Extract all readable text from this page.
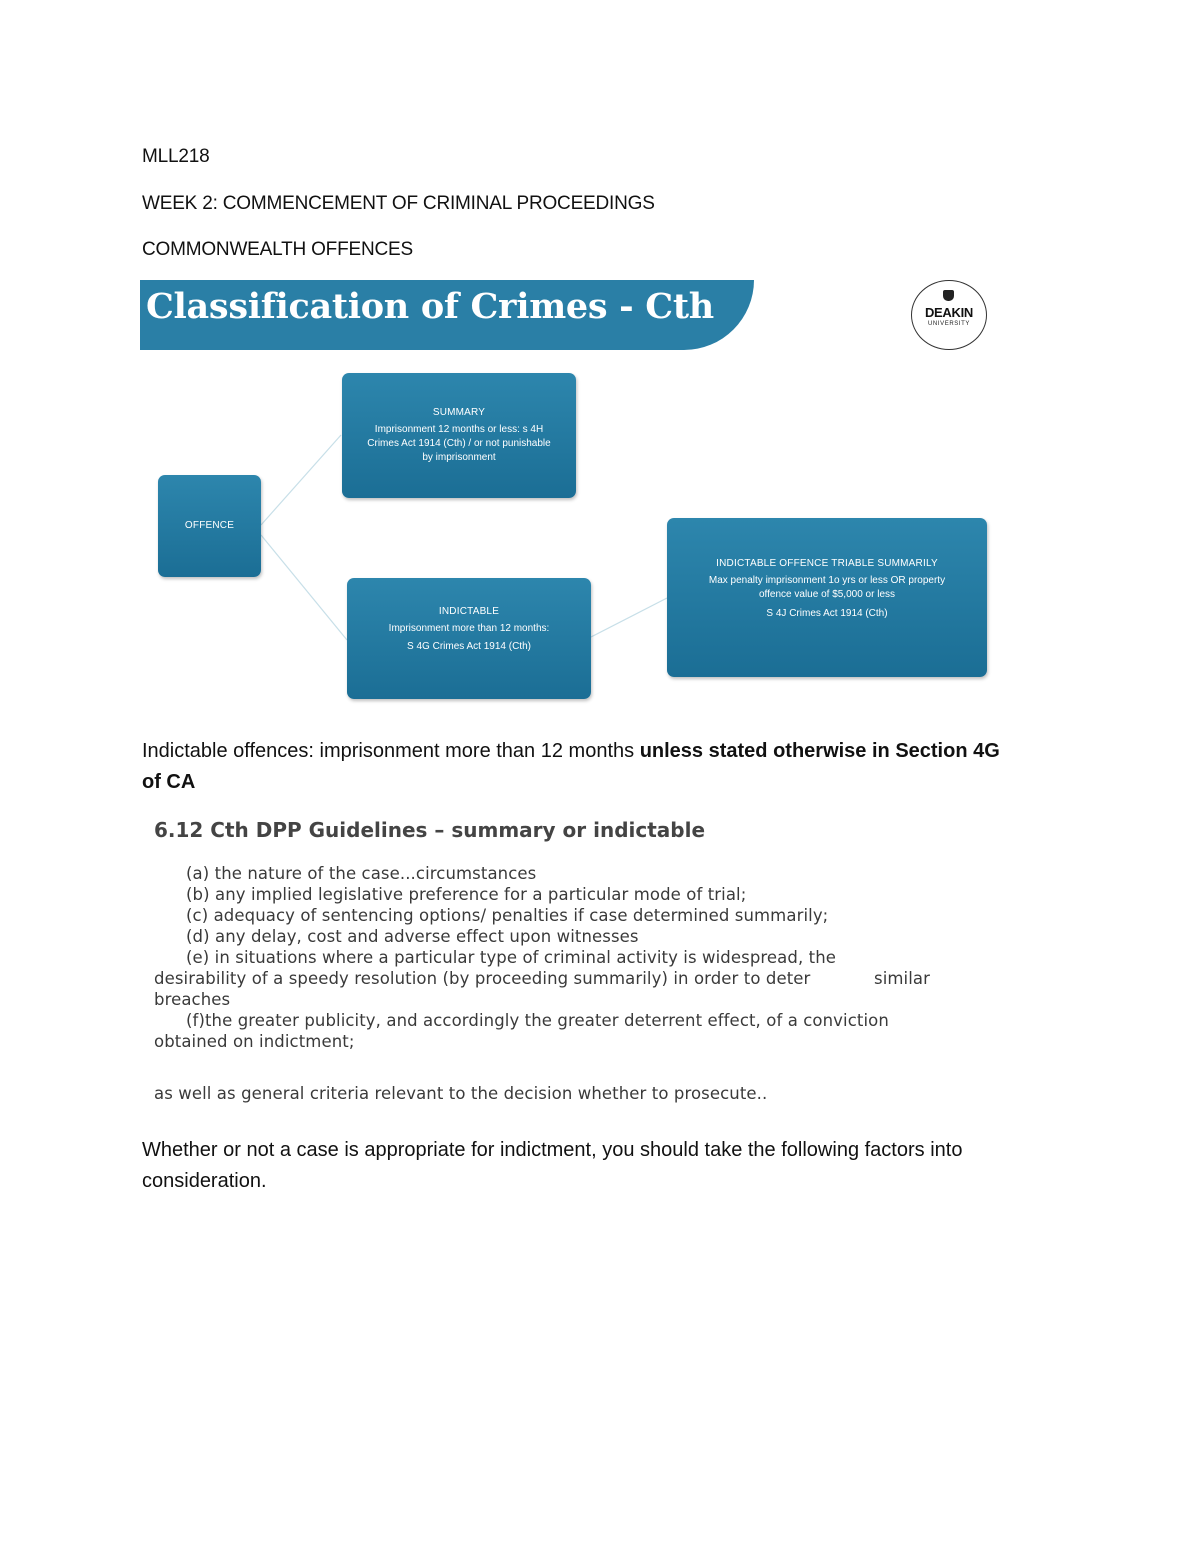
MLL218
WEEK 2: COMMENCEMENT OF CRIMINAL PROCEEDINGS
COMMONWEALTH OFFENCES
Classification of Crimes - Cth	DEAKIN
UNIVERSITY
OFFENCE
SUMMARY
Imprisonment 12 months or less: s 4H
Crimes Act 1914 (Cth) / or not punishable
by imprisonment
INDICTABLE
Imprisonment more than 12 months:
S 4G Crimes Act 1914 (Cth)
INDICTABLE OFFENCE TRIABLE SUMMARILY
Max penalty imprisonment 1o yrs or less OR property
offence value of $5,000 or less
S 4J Crimes Act 1914 (Cth)
Indictable offences: imprisonment more than 12 months unless stated otherwise in Section 4G
of CA
6.12 Cth DPP Guidelines – summary or indictable
(a) the nature of the case...circumstances
(b) any implied legislative preference for a particular mode of trial;
(c) adequacy of sentencing options/ penalties if case determined summarily;
(d) any delay, cost and adverse effect upon witnesses
(e) in situations where a particular type of criminal activity is widespread, the
desirability of a speedy resolution (by proceeding summarily) in order to deter	similar
breaches
(f)the greater publicity, and accordingly the greater deterrent effect, of a conviction
obtained on indictment;
as well as general criteria relevant to the decision whether to prosecute..
Whether or not a case is appropriate for indictment, you should take the following factors into
consideration.
